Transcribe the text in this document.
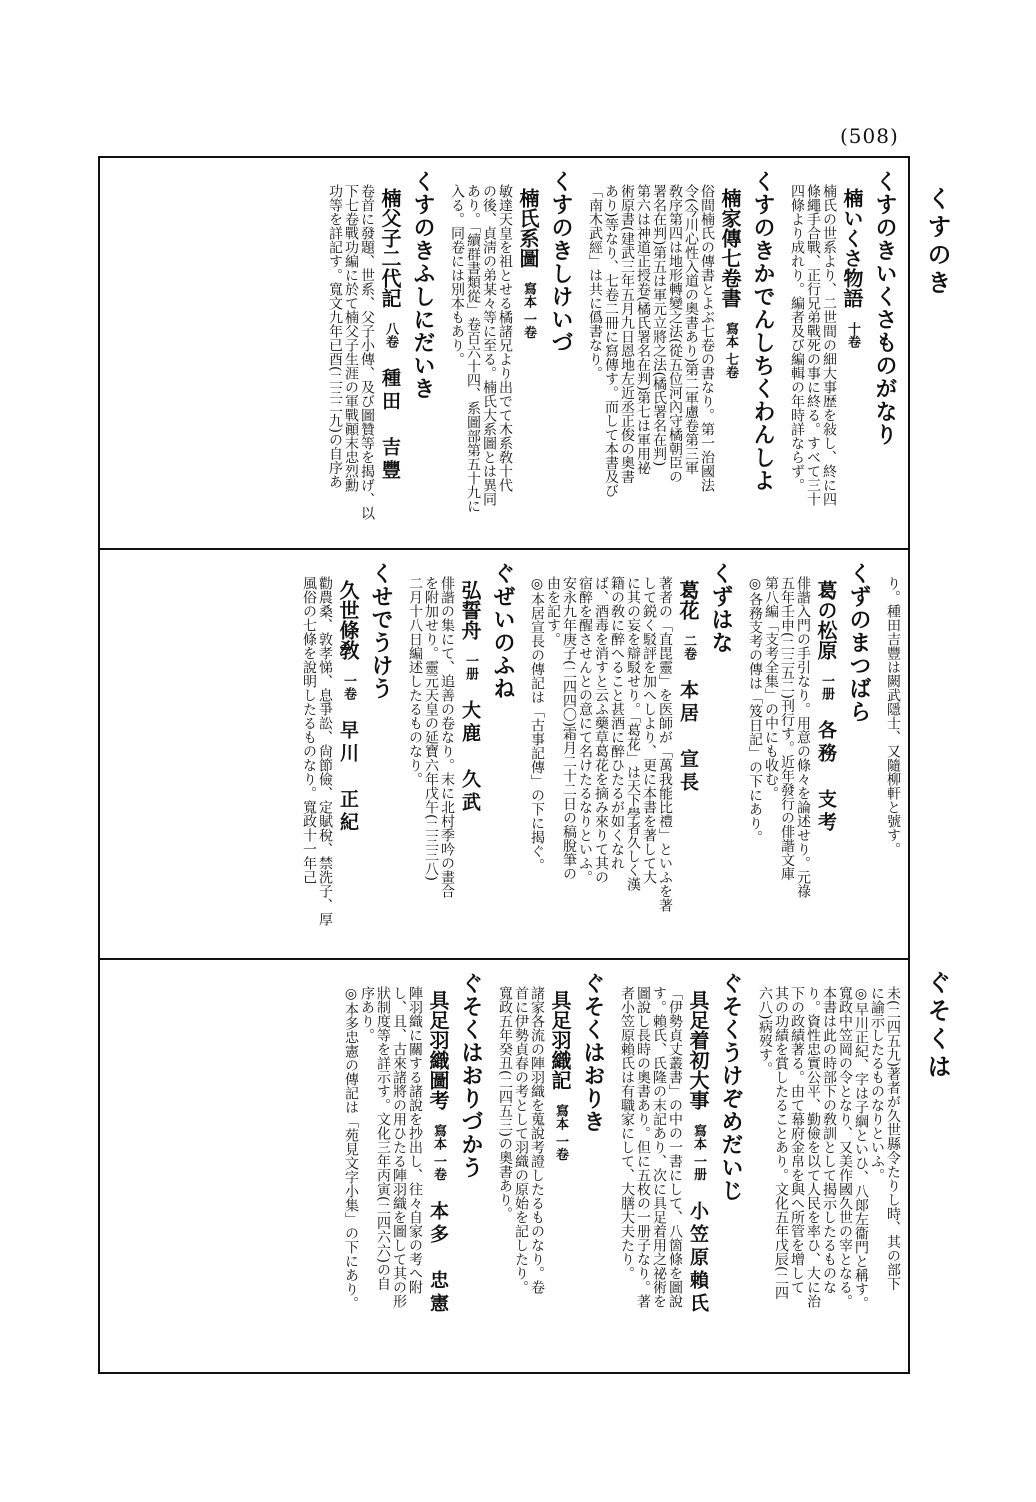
(508)
くすのき
ぐそくは
くすのきいくさものがなり
楠いくさ物語十卷
楠氏の世系より、二世間の細大事歴を敍し、終に四
條繩手合戰、正行兄弟戰死の事に終る。すべて三十
四條より成れり。編者及び編輯の年時詳ならず。
くすのきかでんしちくわんしよ
楠家傳七卷書寫本 七卷
俗間楠氏の傳書とよぶ七卷の書なり。第一治國法
令(今川心性入道の奧書あり)第二軍慮卷第三軍
敎序第四は地形轉變之法(從五位河內守橘朝臣の
署名在判)第五は軍元立將之法(橘氏署名在判)
第六は神道正授卷(橘氏署名在判)第七は軍用祕
術原書(建武三年五月九日恩地左近丞正俊の奧書
あり)等なり、七卷二冊に寫傳す。而して本書及び
「南木武經」は共に僞書なり。
くすのきしけいづ
楠氏系圖寫本 一卷
敏達天皇を祖とせる橘諸兄より出でて木系敎十代
の後、貞淸の弟某々等に至る。楠氏大系圖とは異同
あり。「續群書類從」卷百六十四、系圖部第五十九に
入る。同卷には別本もあり。
くすのきふしにだいき
楠父子二代記八卷種田　吉豐
卷首に發題、世系、父子小傳、及び圖贊等を揭げ、以
下七卷戰功編に於て楠父子生涯の軍戰顚末忠烈勳
功等を詳記す。寬文九年已酉(二三二九)の自序あ
り。種田吉豐は闕武隱士、又隨柳軒と號す。
くずのまつばら
葛の松原一册各務　支考
俳諧入門の手引なり。用意の條々を論述せり。元祿
五年壬申(二三五二)刊行す。近年發行の俳諧文庫
第八編「支考全集」の中にも收む。
◎各務支考の傳は「笈日記」の下にあり。
くずはな
葛花二卷本居　宣長
著者の「直毘靈」を医師が「萬我能比禮」といふを著
して鋭く駁評を加へしより、更に本書を著して大
に其の妄を辯駁せり。「葛花」は天下學者久しく漢
籍の敎に醉へること甚酒に醉ひたるが如くなれ
ば、酒毒を消すと云ふ藥草葛花を摘み來りて其の
宿醉を醒させんとの意にて名けたるなりといふ。
安永九年庚子(二四四〇)霜月二十二日の稿脫筆の
由を記す。
◎本居宣長の傳記は「古事記傳」の下に揭ぐ。
ぐぜいのふね
弘誓舟一册大鹿　久武
俳諧の集にて、追善の卷なり。末に北村季吟の畫合
を附加せり。靈元天皇の延寶六年戊午(二三三八)
二月十八日編述したるものなり。
くせでうけう
久世條敎一卷早川　正紀
勸農桑、敦孝悌、息爭訟、尙節儉、定賦稅、禁洗子、厚
風俗の七條を說明したるものなり。寬政十一年己
未(二四五九)著者が久世縣令たりし時、其の部下
に諭示したるものなりといふ。
◎早川正紀、字は子綱といひ、八郞左衞門と稱す。
寬政中笠岡の令となり、又美作國久世の宰となる。
本書は此の時部下の敎訓として揭示したるものな
り。資性忠實公平、勤儉を以て人民を率ひ、大に治
下の政績著る。由て幕府金帛を與へ所管を增して
其の功績を賞したることあり。文化五年戊辰(二四
六八)病歿す。
ぐそくうけぞめだいじ
具足着初大事寫本 一册小笠原賴氏
「伊勢貞丈叢書」の中の一書にして、八箇條を圖說
す。賴氏、氏隆の末記あり、次に具足着用之祕術を
圖說し長時の奧書あり。但に五枚の一册子なり。著
者小笠原賴氏は有職家にして、大膳大夫たり。
ぐそくはおりき
具足羽織記寫本 一卷
諸家各流の陣羽織を蒐說考證したるものなり。卷
首に伊勢貞春の考として羽織の原始を記したり。
寬政五年癸丑(二四五三)の奧書あり。
ぐそくはおりづかう
具足羽織圖考寫本 一卷本多　忠憲
陣羽織に關する諸說を抄出し、往々自家の考へ附
し、且、古來諸將の用ひたる陣羽織を圖して其の形
狀制度等を詳示す。文化三年丙寅(二四六六)の自
序あり。
◎本多忠憲の傳記は「苑見文字小集」の下にあり。
